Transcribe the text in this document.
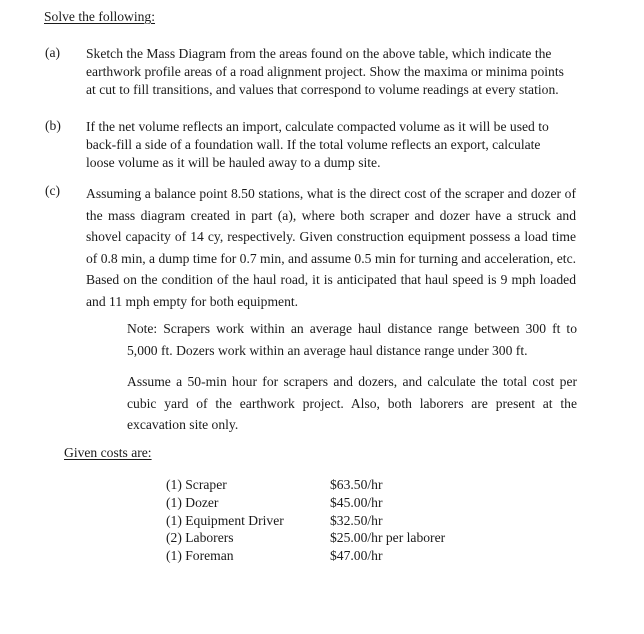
Solve the following:
(a) Sketch the Mass Diagram from the areas found on the above table, which indicate the
earthwork profile areas of a road alignment project. Show the maxima or minima points
at cut to fill transitions, and values that correspond to volume readings at every station.
(b) If the net volume reflects an import, calculate compacted volume as it will be used to
back-fill a side of a foundation wall. If the total volume reflects an export, calculate
loose volume as it will be hauled away to a dump site.
(c) Assuming a balance point 8.50 stations, what is the direct cost of the scraper and dozer of the mass diagram created in part (a), where both scraper and dozer have a struck and shovel capacity of 14 cy, respectively. Given construction equipment possess a load time of 0.8 min, a dump time for 0.7 min, and assume 0.5 min for turning and acceleration, etc. Based on the condition of the haul road, it is anticipated that haul speed is 9 mph loaded and 11 mph empty for both equipment.
Note: Scrapers work within an average haul distance range between 300 ft to 5,000 ft. Dozers work within an average haul distance range under 300 ft.
Assume a 50-min hour for scrapers and dozers, and calculate the total cost per cubic yard of the earthwork project. Also, both laborers are present at the excavation site only.
Given costs are:
(1) Scraper	$63.50/hr
(1) Dozer	$45.00/hr
(1) Equipment Driver	$32.50/hr
(2) Laborers	$25.00/hr per laborer
(1) Foreman	$47.00/hr
